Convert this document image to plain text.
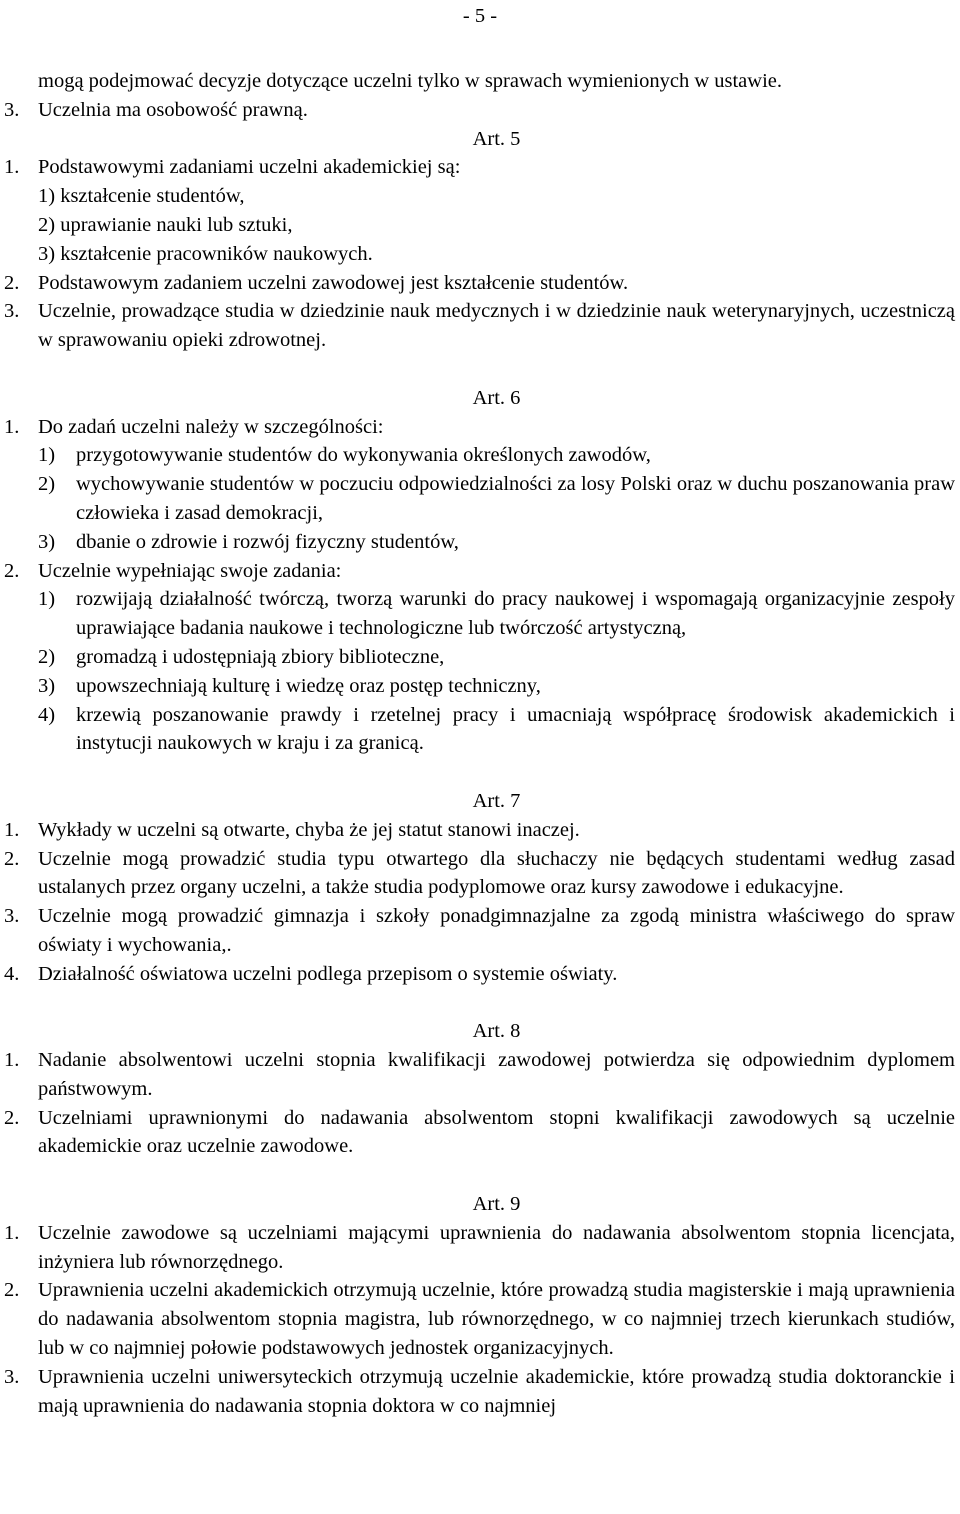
- 5 -
mogą podejmować decyzje dotyczące uczelni tylko w sprawach wymienionych w ustawie.
3. Uczelnia ma osobowość prawną.
Art. 5
1. Podstawowymi zadaniami uczelni akademickiej są:
1) kształcenie studentów,
2) uprawianie nauki lub sztuki,
3) kształcenie pracowników naukowych.
2. Podstawowym zadaniem uczelni zawodowej jest kształcenie studentów.
3. Uczelnie, prowadzące studia w dziedzinie nauk medycznych i w dziedzinie nauk weterynaryjnych, uczestniczą w sprawowaniu opieki zdrowotnej.
Art. 6
1. Do zadań uczelni należy w szczególności:
1)	przygotowywanie studentów do wykonywania określonych zawodów,
2)	wychowywanie studentów w poczuciu odpowiedzialności za losy Polski oraz w duchu poszanowania praw człowieka i zasad demokracji,
3)	dbanie o zdrowie i rozwój fizyczny studentów,
2. Uczelnie wypełniając swoje zadania:
1)	rozwijają działalność twórczą, tworzą warunki do pracy naukowej i wspomagają organizacyjnie zespoły uprawiające badania naukowe i technologiczne lub twórczość artystyczną,
2)	gromadzą i udostępniają zbiory biblioteczne,
3)	upowszechniają kulturę i wiedzę oraz postęp techniczny,
4)	krzewią poszanowanie prawdy i rzetelnej pracy i umacniają współpracę środowisk akademickich i instytucji naukowych w kraju i za granicą.
Art. 7
1. Wykłady w uczelni są otwarte, chyba że jej statut stanowi inaczej.
2. Uczelnie mogą prowadzić studia typu otwartego dla słuchaczy nie będących studentami według zasad ustalanych przez organy uczelni, a także studia podyplomowe oraz kursy zawodowe i edukacyjne.
3. Uczelnie mogą prowadzić gimnazja i szkoły ponadgimnazjalne za zgodą ministra właściwego do spraw oświaty i wychowania,.
4. Działalność oświatowa uczelni podlega przepisom o systemie oświaty.
Art. 8
1. Nadanie absolwentowi uczelni stopnia kwalifikacji zawodowej potwierdza się odpowiednim dyplomem państwowym.
2. Uczelniami uprawnionymi do nadawania absolwentom stopni kwalifikacji zawodowych są uczelnie akademickie oraz uczelnie zawodowe.
Art. 9
1. Uczelnie zawodowe są uczelniami mającymi uprawnienia do nadawania absolwentom stopnia licencjata, inżyniera lub równorzędnego.
2. Uprawnienia uczelni akademickich otrzymują uczelnie, które prowadzą studia magisterskie i mają uprawnienia do nadawania absolwentom stopnia magistra, lub równorzędnego, w co najmniej trzech kierunkach studiów, lub w co najmniej połowie podstawowych jednostek organizacyjnych.
3. Uprawnienia uczelni uniwersyteckich otrzymują uczelnie akademickie, które prowadzą studia doktoranckie i mają uprawnienia do nadawania stopnia doktora w co najmniej
